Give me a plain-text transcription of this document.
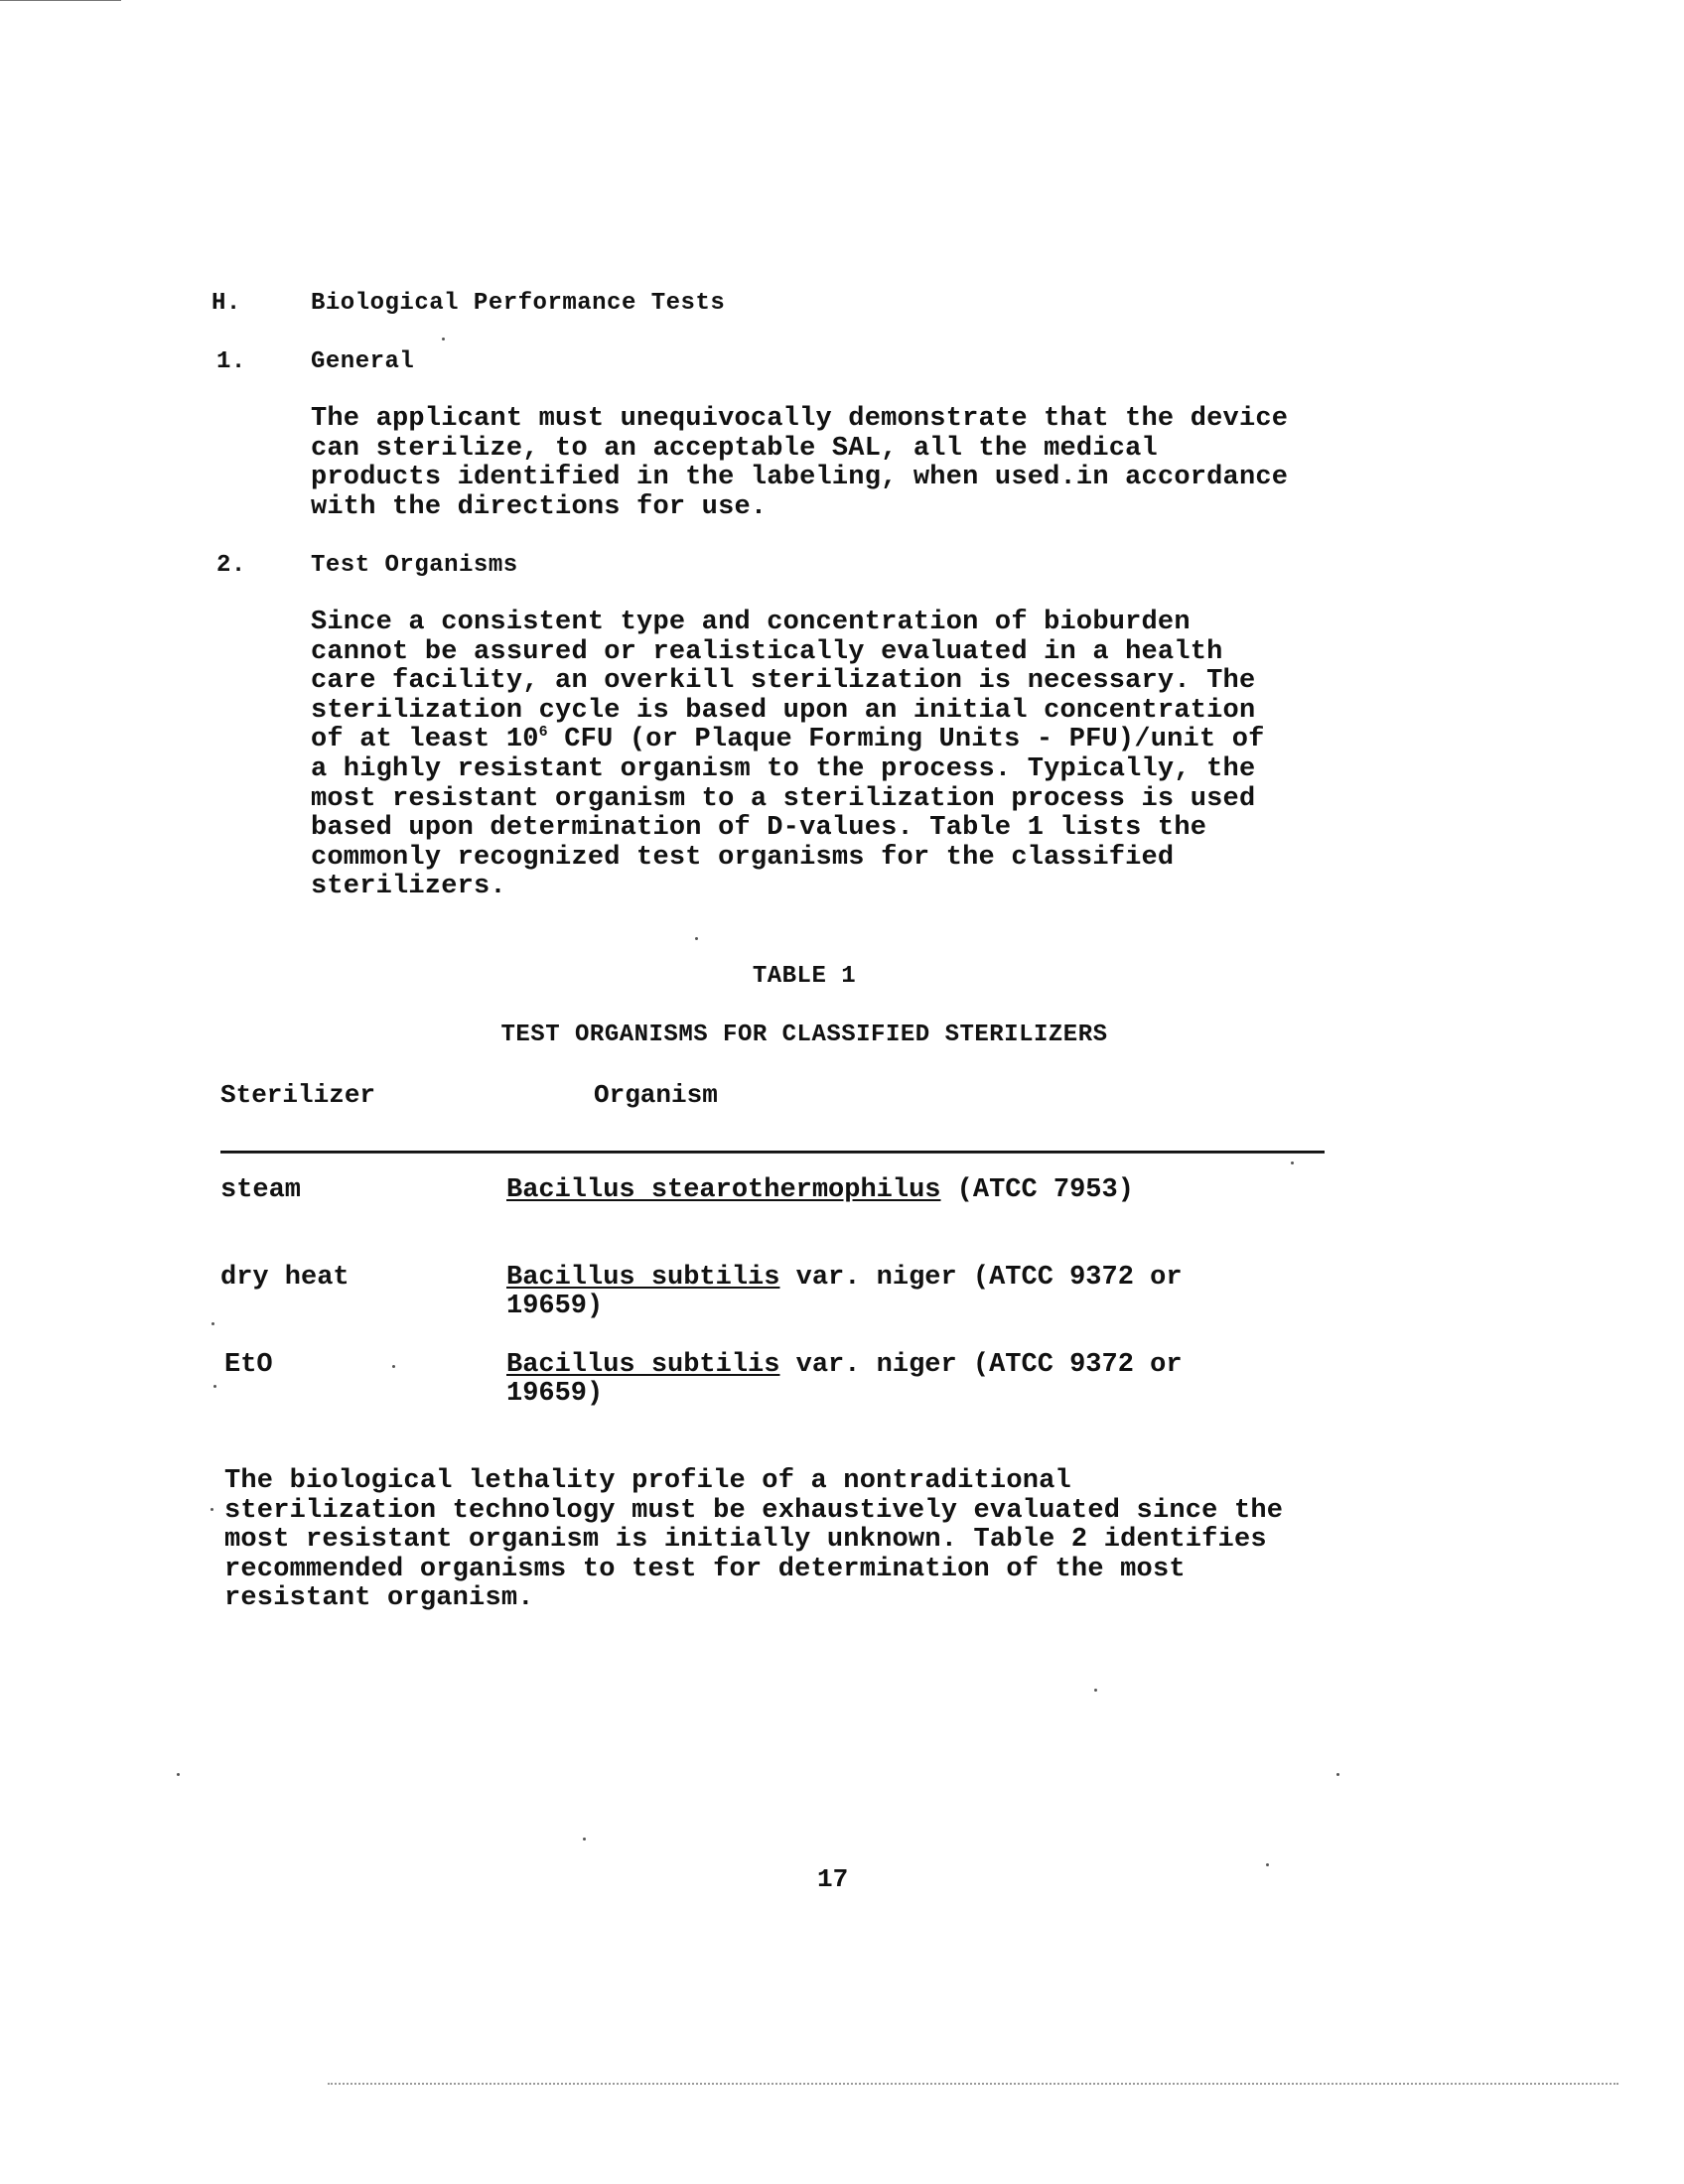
H.	Biological Performance Tests
1.	General
The applicant must unequivocally demonstrate that the device
can sterilize, to an acceptable SAL, all the medical
products identified in the labeling, when used.in accordance
with the directions for use.
2.	Test Organisms
Since a consistent type and concentration of bioburden
cannot be assured or realistically evaluated in a health
care facility, an overkill sterilization is necessary. The
sterilization cycle is based upon an initial concentration
of at least $10^6$ CFU (or Plaque Forming Units - PFU)/unit of
a highly resistant organism to the process. Typically, the
most resistant organism to a sterilization process is used
based upon determination of D-values. Table 1 lists the
commonly recognized test organisms for the classified
sterilizers.
TABLE 1
TEST ORGANISMS FOR CLASSIFIED STERILIZERS
Sterilizer	Organism
steam	Bacillus stearothermophilus (ATCC 7953)
dry heat	Bacillus subtilis var. niger (ATCC 9372 or
19659)
EtO	Bacillus subtilis var. niger (ATCC 9372 or
19659)
The biological lethality profile of a nontraditional
sterilization technology must be exhaustively evaluated since the
most resistant organism is initially unknown. Table 2 identifies
recommended organisms to test for determination of the most
resistant organism.
17
